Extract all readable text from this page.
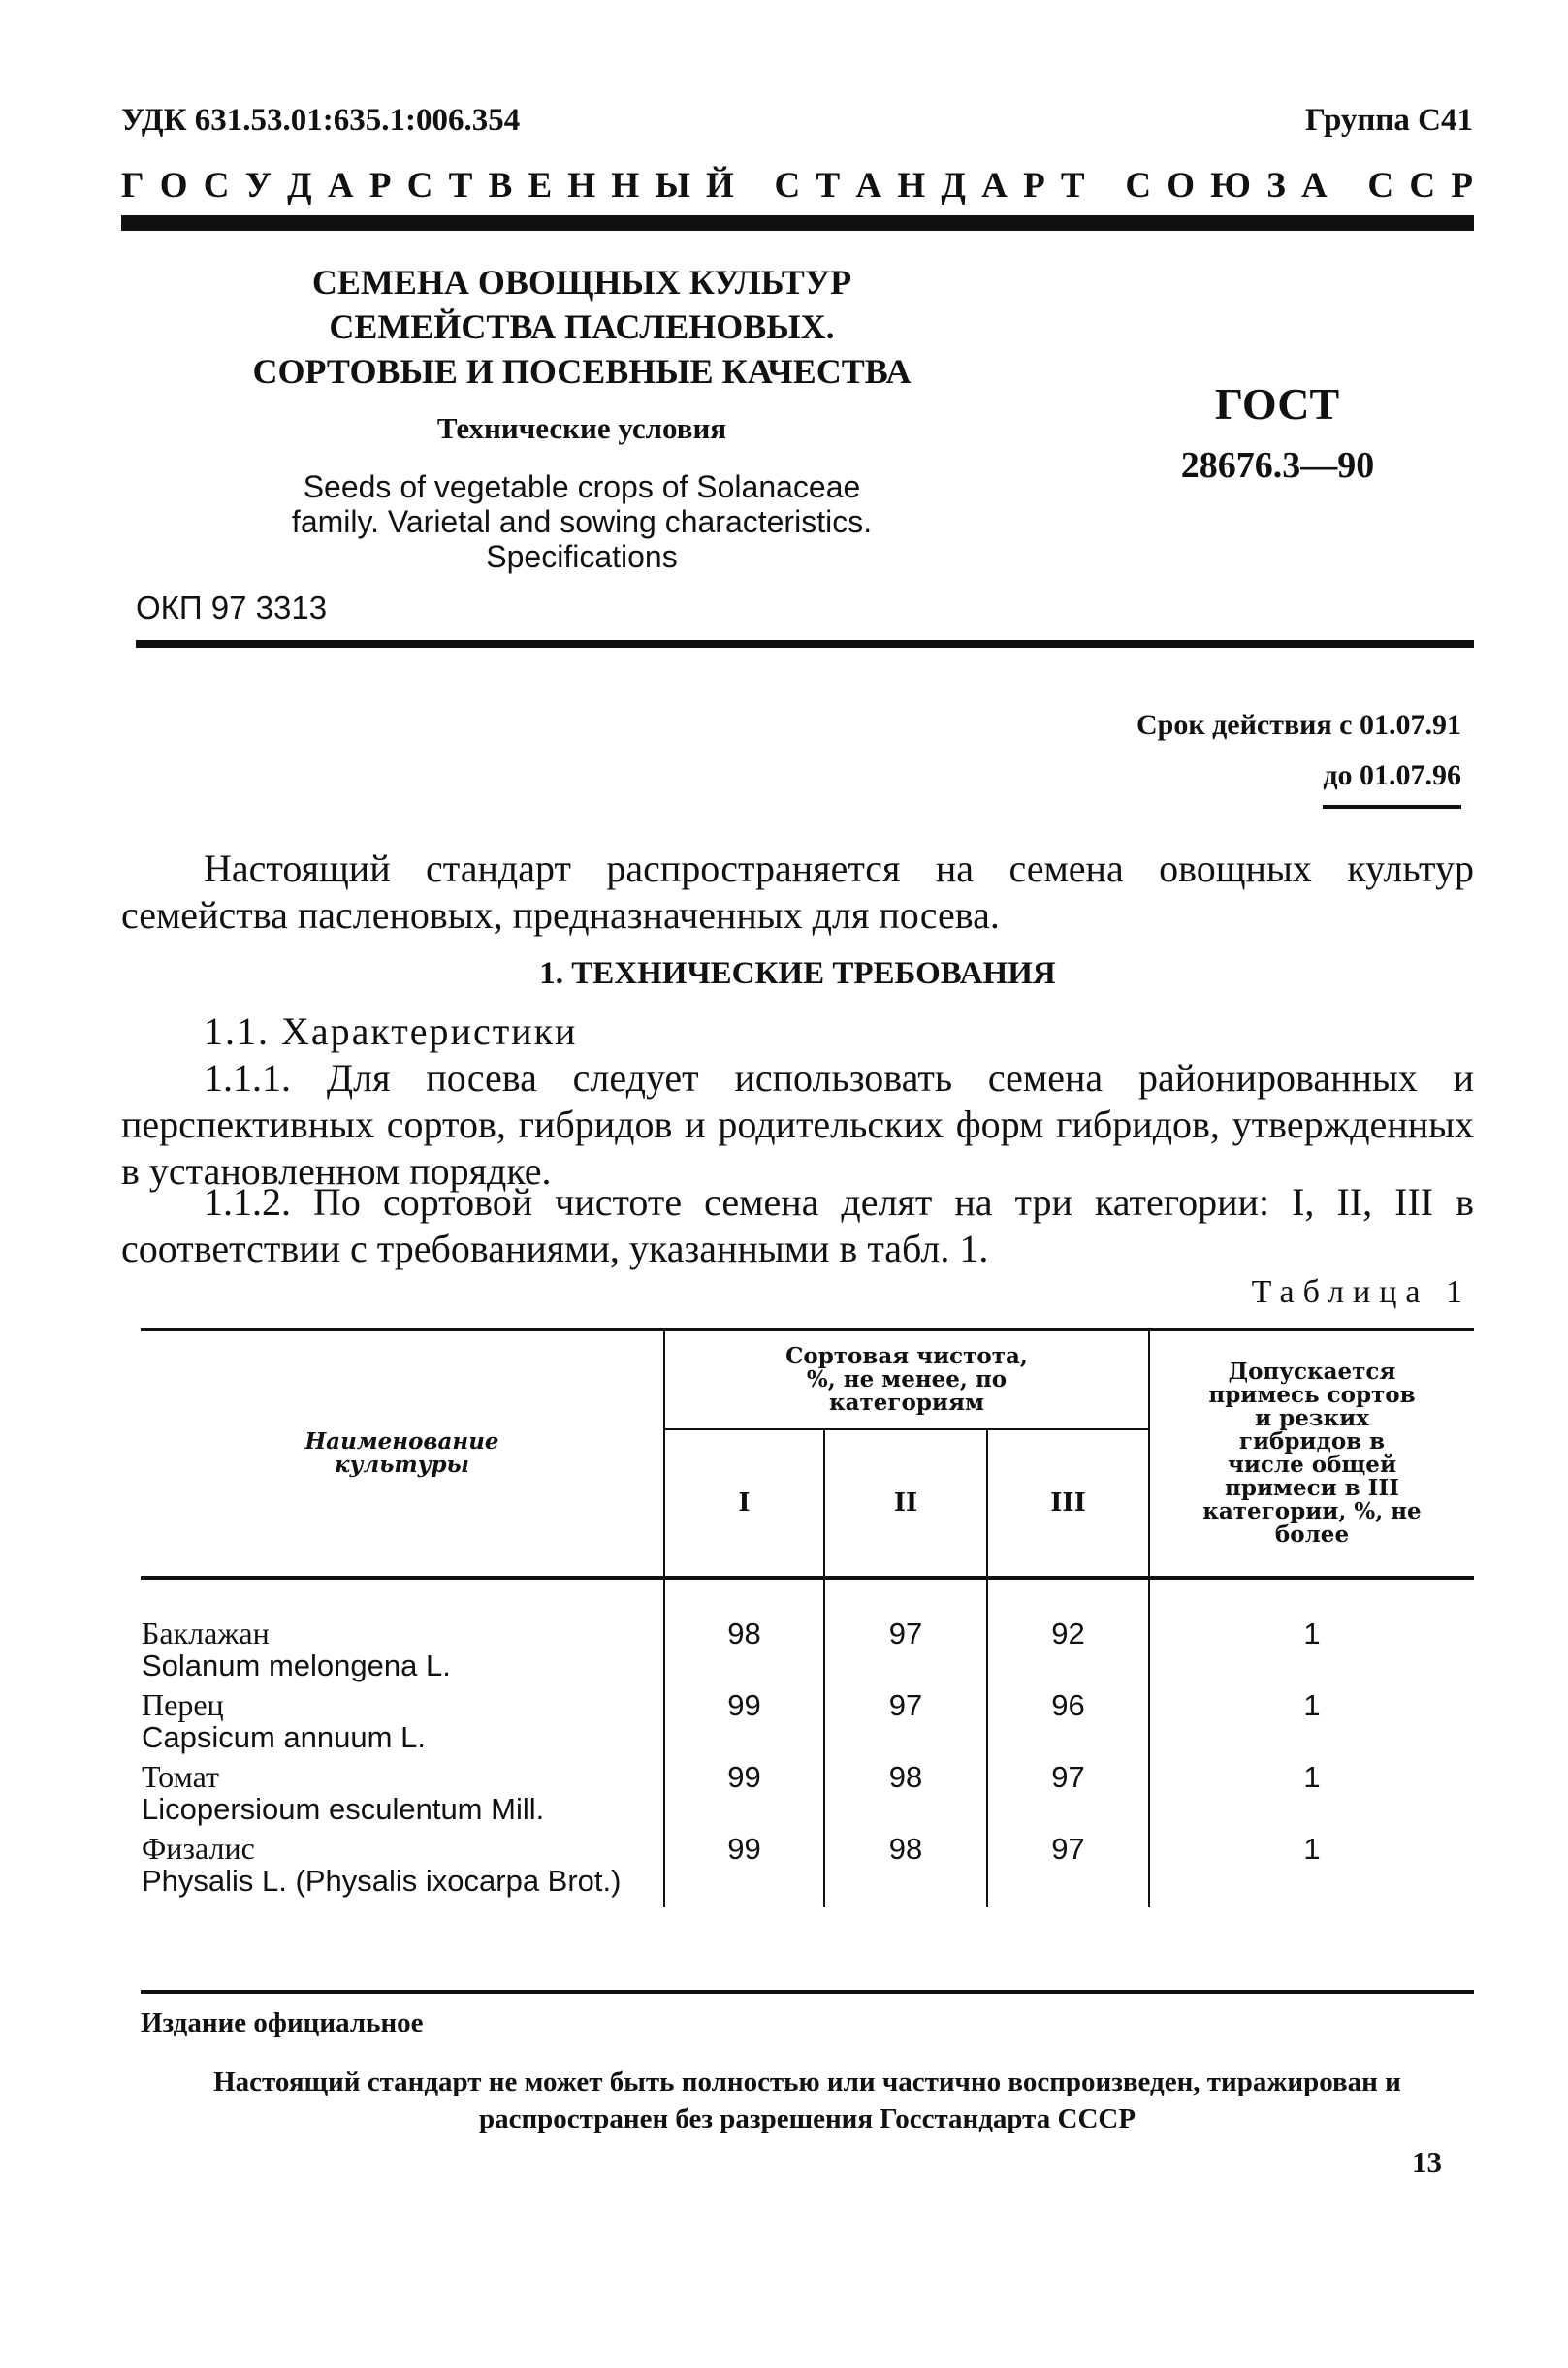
УДК 631.53.01:635.1:006.354	Группа С41
Г О С У Д А Р С Т В Е Н Н Ы Й
С Т А Н Д А Р Т
С О Ю З А
С С Р
СЕМЕНА ОВОЩНЫХ КУЛЬТУР
СЕМЕЙСТВА ПАСЛЕНОВЫХ.
СОРТОВЫЕ И ПОСЕВНЫЕ КАЧЕСТВА
Технические условия
Seeds of vegetable crops of Solanaceae
family. Varietal and sowing characteristics.
Specifications
ГОСТ
28676.3—90
ОКП 97 3313
Срок действия с 01.07.91
до 01.07.96
Настоящий стандарт распространяется на семена овощных культур семейства пасленовых, предназначенных для посева.
1. ТЕХНИЧЕСКИЕ ТРЕБОВАНИЯ
1.1. Характеристики
1.1.1. Для посева следует использовать семена районированных и перспективных сортов, гибридов и родительских форм гибридов, утвержденных в установленном порядке.
1.1.2. По сортовой чистоте семена делят на три категории: I, II, III в соответствии с требованиями, указанными в табл. 1.
Таблица 1
Наименование культуры	Сортовая чистота, %, не менее, по категориям			Допускается примесь сортов и резких гибридов в числе общей примеси в III категории, %, не более

	I	II	III	

Баклажан
Solanum melongena L.	98	97	92	1

Перец
Capsicum annuum L.	99	97	96	1

Томат
Licopersioum esculentum Mill.	99	98	97	1

Физалис
Physalis L. (Physalis ixocarpa Brot.)	99	98	97	1
Издание официальное
Настоящий стандарт не может быть полностью или частично воспроизведен, тиражирован и распространен без разрешения Госстандарта СССР
13
